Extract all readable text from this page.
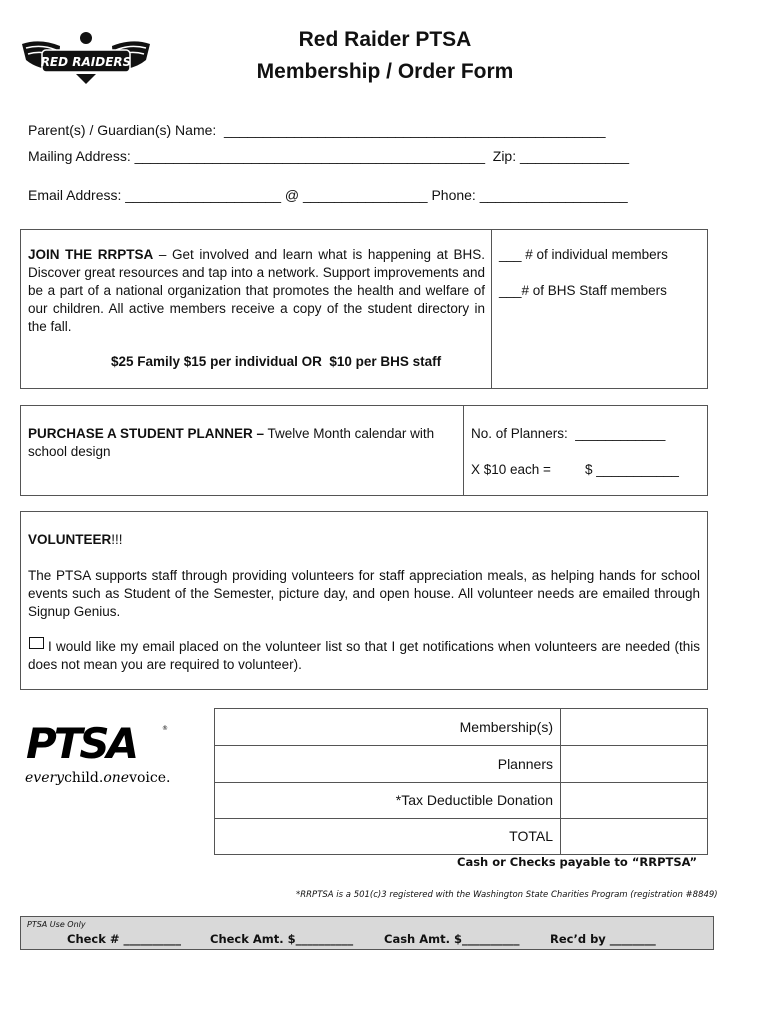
RED RAIDERS
Red Raider PTSA
Membership / Order Form
Parent(s) / Guardian(s) Name:  _________________________________________________
Mailing Address: _____________________________________________  Zip: ______________
Email Address: ____________________ @ ________________ Phone: ___________________
JOIN THE RRPTSA – Get involved and learn what is happening at BHS. Discover great resources and tap into a network. Support improvements and be a part of a national organization that promotes the health and welfare of our children. All active members receive a copy of the student directory in the fall.
$25 Family $15 per individual OR  $10 per BHS staff
___ # of individual members
___# of BHS Staff members
PURCHASE A STUDENT PLANNER – Twelve Month calendar with school design
No. of Planners:  ____________
X $10 each =	$ ___________
VOLUNTEER!!!
The PTSA supports staff through providing volunteers for staff appreciation meals, as helping hands for school events such as Student of the Semester, picture day, and open house. All volunteer needs are emailed through Signup Genius.
I would like my email placed on the volunteer list so that I get notifications when volunteers are needed (this does not mean you are required to volunteer).
PTSA	®
everychild.onevoice.
Membership(s)
Planners
*Tax Deductible Donation
TOTAL
Cash or Checks payable to “RRPTSA”
*RRPTSA is a 501(c)3 registered with the Washington State Charities Program (registration #8849)
PTSA Use Only
Check # __________	Check Amt. $__________	Cash Amt. $__________	Rec’d by ________
